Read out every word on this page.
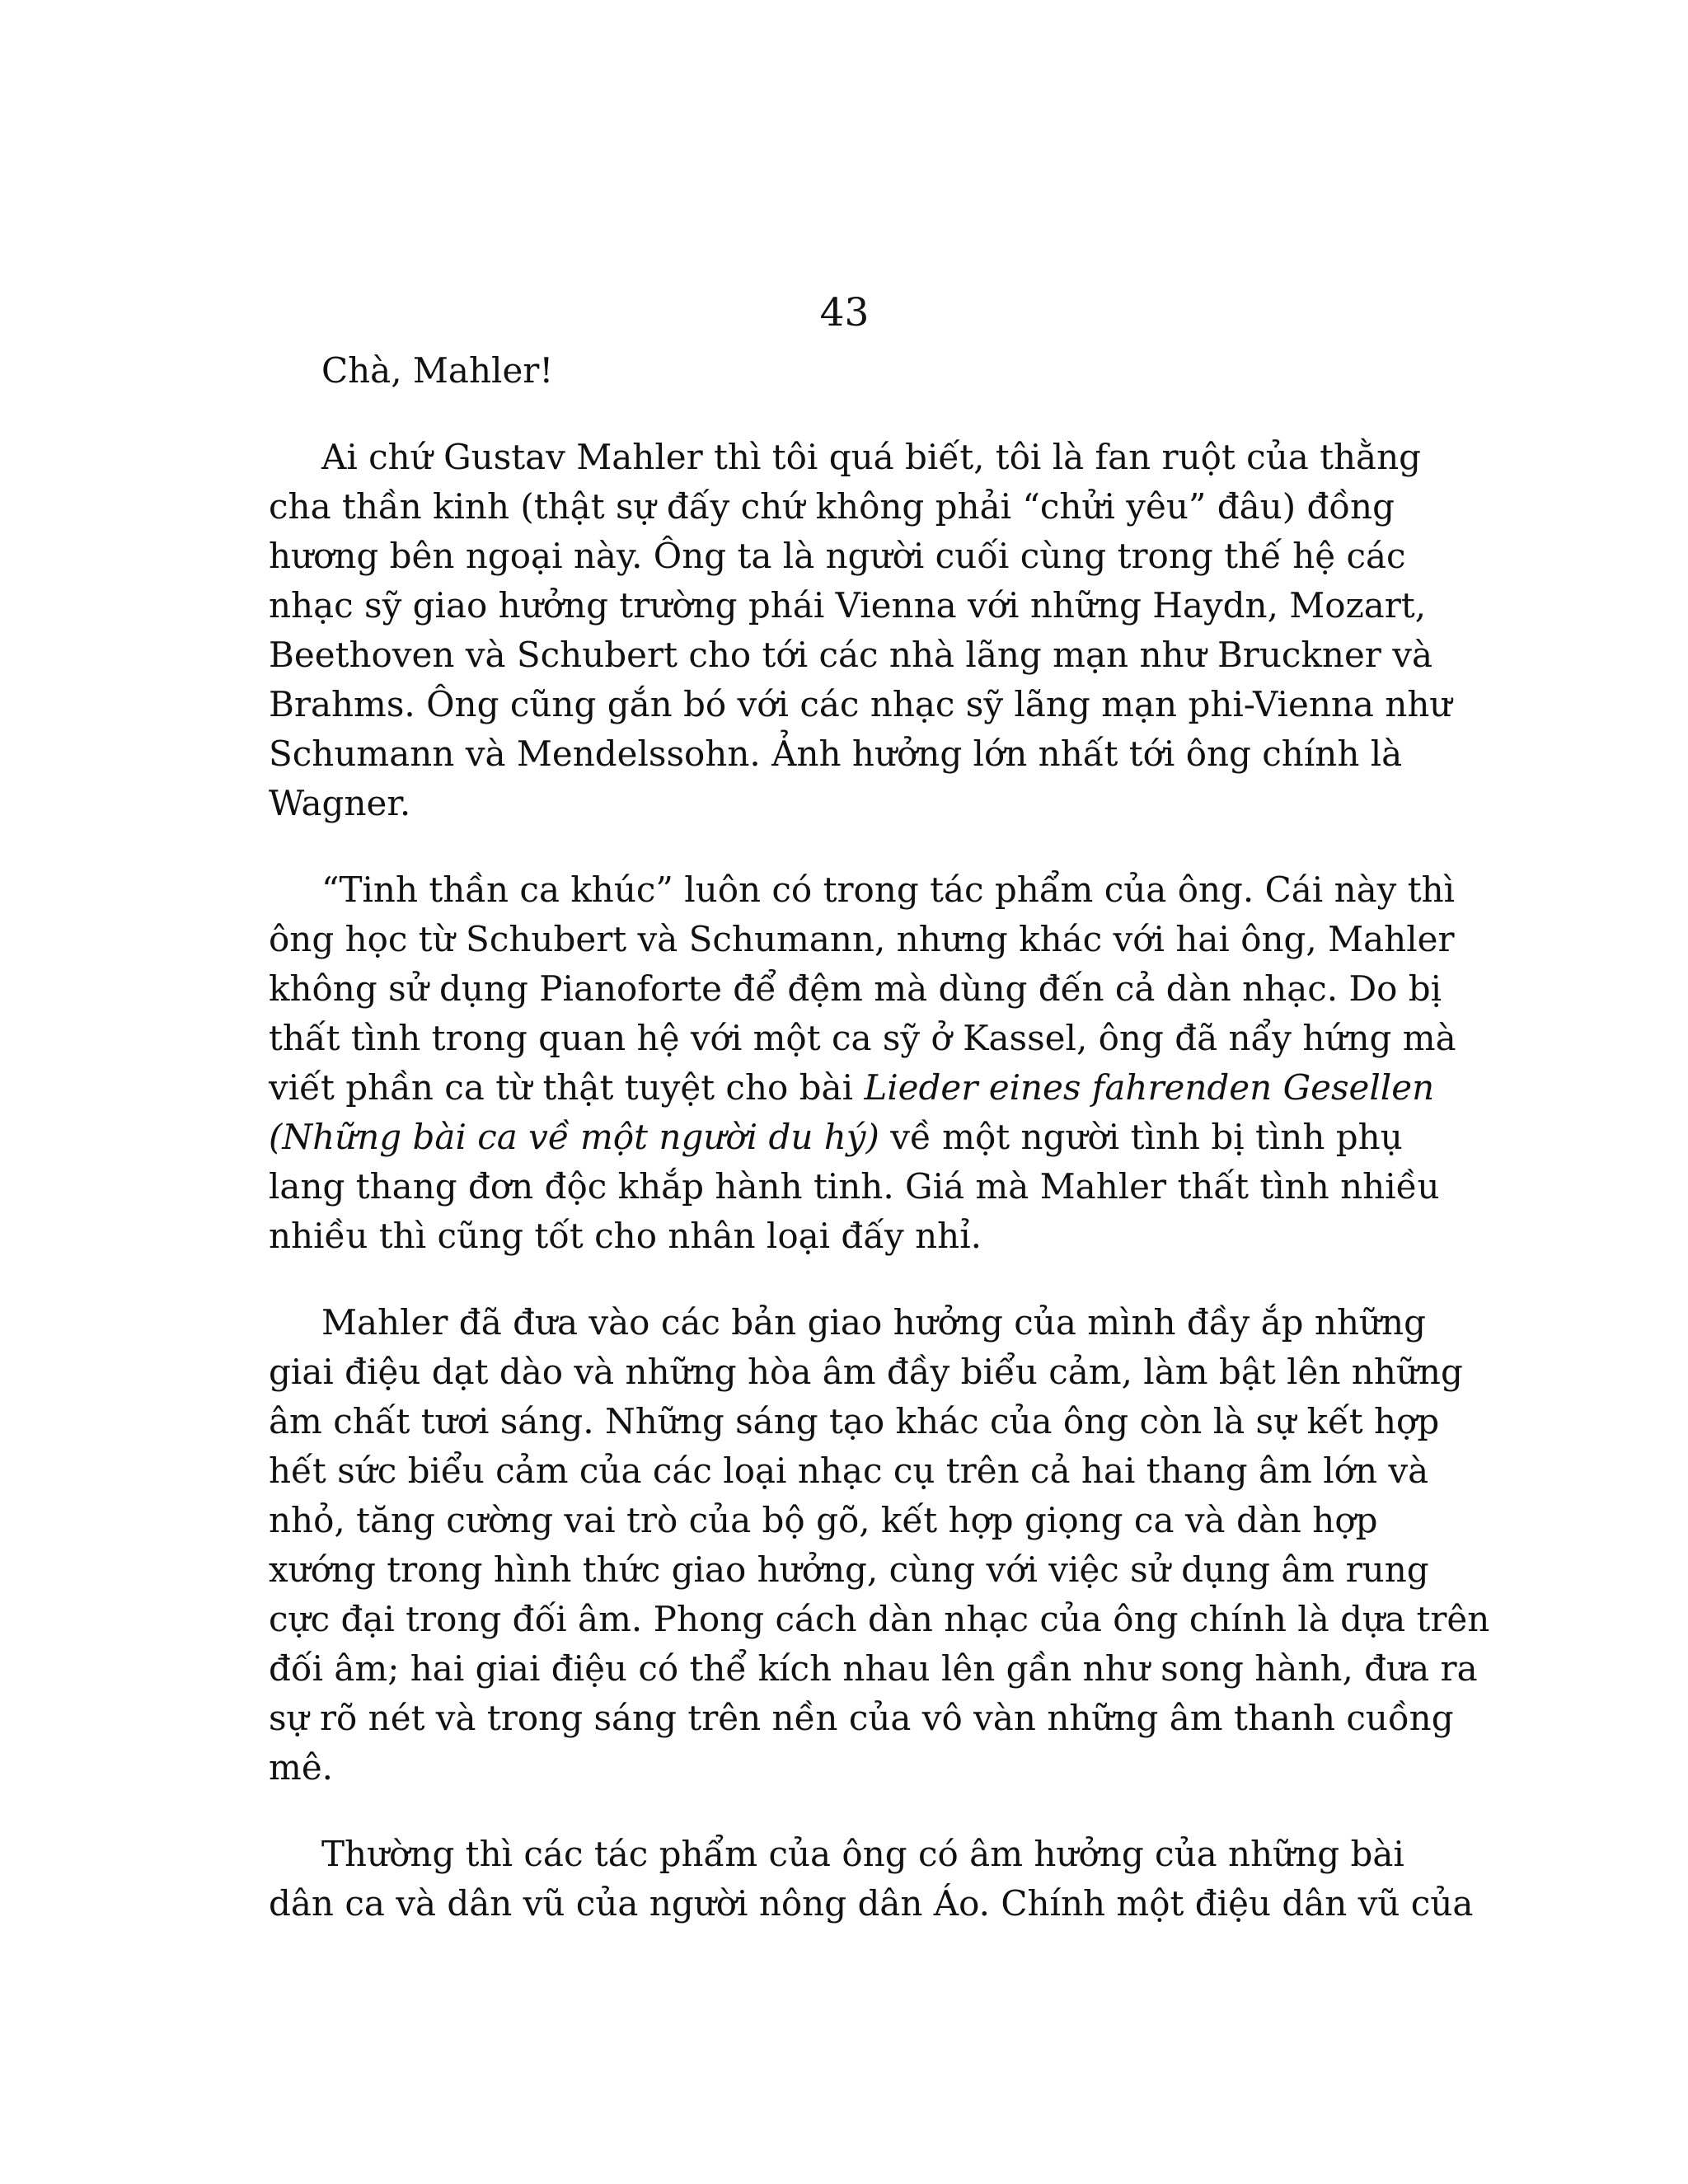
43

Chà, Mahler!

Ai chứ Gustav Mahler thì tôi quá biết, tôi là fan ruột của thằng
cha thần kinh (thật sự đấy chứ không phải “chửi yêu” đâu) đồng
hương bên ngoại này. Ông ta là người cuối cùng trong thế hệ các
nhạc sỹ giao hưởng trường phái Vienna với những Haydn, Mozart,
Beethoven và Schubert cho tới các nhà lãng mạn như Bruckner và
Brahms. Ông cũng gắn bó với các nhạc sỹ lãng mạn phi-Vienna như
Schumann và Mendelssohn. Ảnh hưởng lớn nhất tới ông chính là
Wagner.

“Tinh thần ca khúc” luôn có trong tác phẩm của ông. Cái này thì
ông học từ Schubert và Schumann, nhưng khác với hai ông, Mahler
không sử dụng Pianoforte để đệm mà dùng đến cả dàn nhạc. Do bị
thất tình trong quan hệ với một ca sỹ ở Kassel, ông đã nẩy hứng mà
viết phần ca từ thật tuyệt cho bài Lieder eines fahrenden Gesellen
(Những bài ca về một người du hý) về một người tình bị tình phụ
lang thang đơn độc khắp hành tinh. Giá mà Mahler thất tình nhiều
nhiều thì cũng tốt cho nhân loại đấy nhỉ.

Mahler đã đưa vào các bản giao hưởng của mình đầy ắp những
giai điệu dạt dào và những hòa âm đầy biểu cảm, làm bật lên những
âm chất tươi sáng. Những sáng tạo khác của ông còn là sự kết hợp
hết sức biểu cảm của các loại nhạc cụ trên cả hai thang âm lớn và
nhỏ, tăng cường vai trò của bộ gõ, kết hợp giọng ca và dàn hợp
xướng trong hình thức giao hưởng, cùng với việc sử dụng âm rung
cực đại trong đối âm. Phong cách dàn nhạc của ông chính là dựa trên
đối âm; hai giai điệu có thể kích nhau lên gần như song hành, đưa ra
sự rõ nét và trong sáng trên nền của vô vàn những âm thanh cuồng
mê.

Thường thì các tác phẩm của ông có âm hưởng của những bài
dân ca và dân vũ của người nông dân Áo. Chính một điệu dân vũ của
